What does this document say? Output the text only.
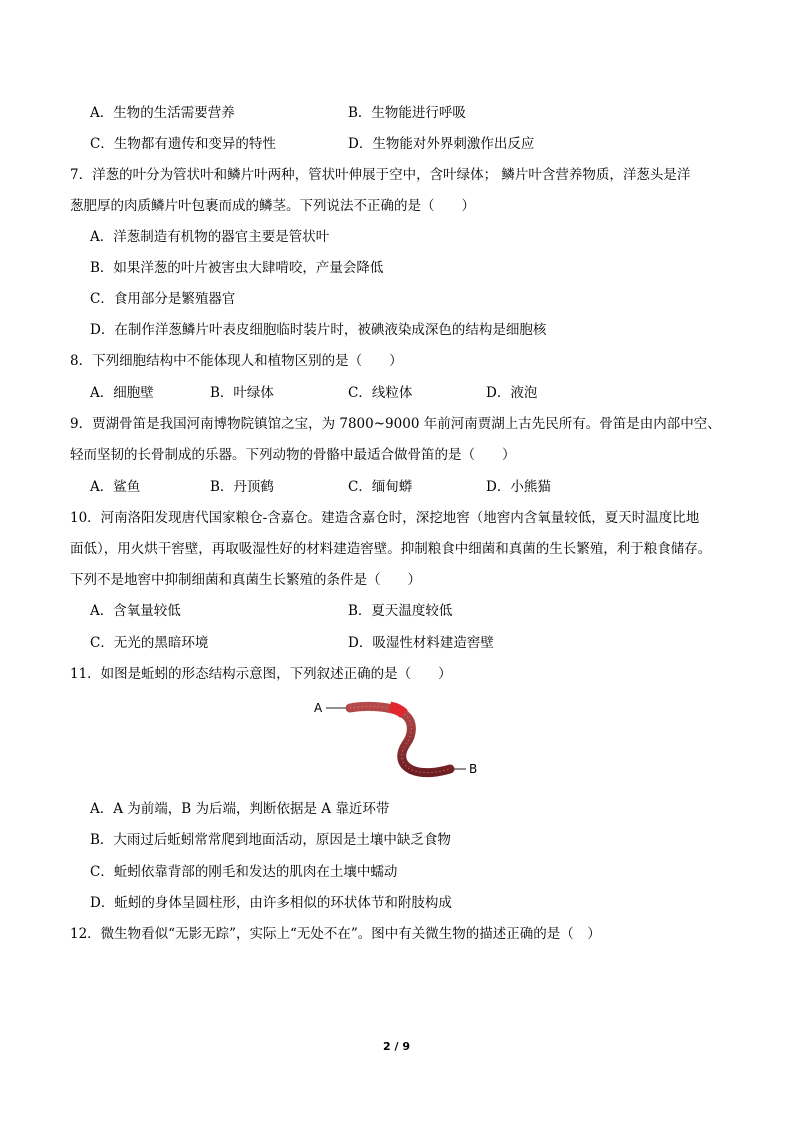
A．生物的生活需要营养	B．生物能进行呼吸
C．生物都有遗传和变异的特性	D．生物能对外界刺激作出反应
7．洋葱的叶分为管状叶和鳞片叶两种，管状叶伸展于空中，含叶绿体； 鳞片叶含营养物质，洋葱头是洋
葱肥厚的肉质鳞片叶包裹而成的鳞茎。下列说法不正确的是（　　）
A．洋葱制造有机物的器官主要是管状叶
B．如果洋葱的叶片被害虫大肆啃咬，产量会降低
C．食用部分是繁殖器官
D．在制作洋葱鳞片叶表皮细胞临时装片时，被碘液染成深色的结构是细胞核
8．下列细胞结构中不能体现人和植物区别的是（　　）
A．细胞壁	B．叶绿体	C．线粒体	D．液泡
9．贾湖骨笛是我国河南博物院镇馆之宝，为 7800~9000 年前河南贾湖上古先民所有。骨笛是由内部中空、
轻而坚韧的长骨制成的乐器。下列动物的骨骼中最适合做骨笛的是（　　）
A．鲨鱼	B．丹顶鹤	C．缅甸蟒	D．小熊猫
10．河南洛阳发现唐代国家粮仓-含嘉仓。建造含嘉仓时，深挖地窖（地窖内含氧量较低，夏天时温度比地
面低），用火烘干窖壁，再取吸湿性好的材料建造窖壁。抑制粮食中细菌和真菌的生长繁殖，利于粮食储存。
下列不是地窖中抑制细菌和真菌生长繁殖的条件是（　　）
A．含氧量较低	B．夏天温度较低
C．无光的黑暗环境	D．吸湿性材料建造窖壁
11．如图是蚯蚓的形态结构示意图，下列叙述正确的是（　　）
A
B
A．A 为前端，B 为后端，判断依据是 A 靠近环带
B．大雨过后蚯蚓常常爬到地面活动，原因是土壤中缺乏食物
C．蚯蚓依靠背部的刚毛和发达的肌肉在土壤中蠕动
D．蚯蚓的身体呈圆柱形，由许多相似的环状体节和附肢构成
12．微生物看似“无影无踪”，实际上“无处不在”。图中有关微生物的描述正确的是（　）
2 / 9
